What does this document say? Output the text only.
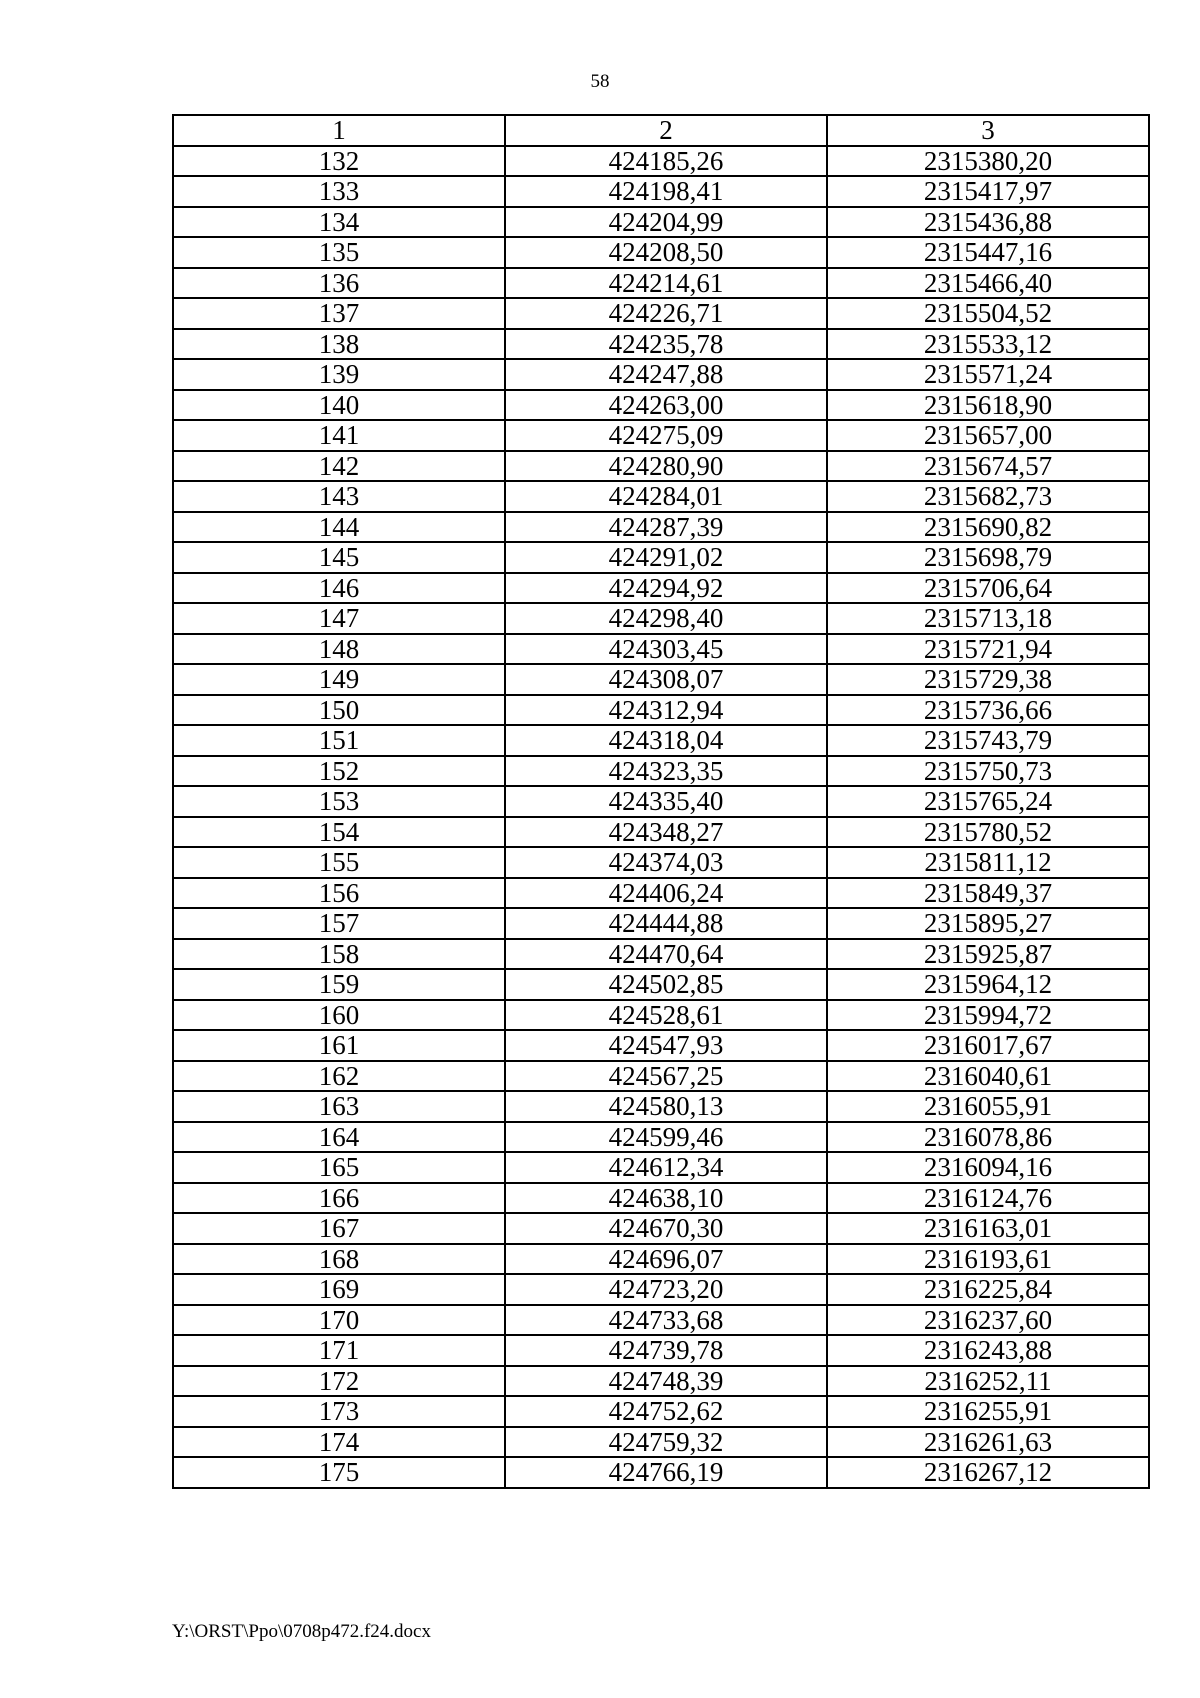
58
1	2	3
132	424185,26	2315380,20
133	424198,41	2315417,97
134	424204,99	2315436,88
135	424208,50	2315447,16
136	424214,61	2315466,40
137	424226,71	2315504,52
138	424235,78	2315533,12
139	424247,88	2315571,24
140	424263,00	2315618,90
141	424275,09	2315657,00
142	424280,90	2315674,57
143	424284,01	2315682,73
144	424287,39	2315690,82
145	424291,02	2315698,79
146	424294,92	2315706,64
147	424298,40	2315713,18
148	424303,45	2315721,94
149	424308,07	2315729,38
150	424312,94	2315736,66
151	424318,04	2315743,79
152	424323,35	2315750,73
153	424335,40	2315765,24
154	424348,27	2315780,52
155	424374,03	2315811,12
156	424406,24	2315849,37
157	424444,88	2315895,27
158	424470,64	2315925,87
159	424502,85	2315964,12
160	424528,61	2315994,72
161	424547,93	2316017,67
162	424567,25	2316040,61
163	424580,13	2316055,91
164	424599,46	2316078,86
165	424612,34	2316094,16
166	424638,10	2316124,76
167	424670,30	2316163,01
168	424696,07	2316193,61
169	424723,20	2316225,84
170	424733,68	2316237,60
171	424739,78	2316243,88
172	424748,39	2316252,11
173	424752,62	2316255,91
174	424759,32	2316261,63
175	424766,19	2316267,12
Y:\ORST\Ppo\0708p472.f24.docx
